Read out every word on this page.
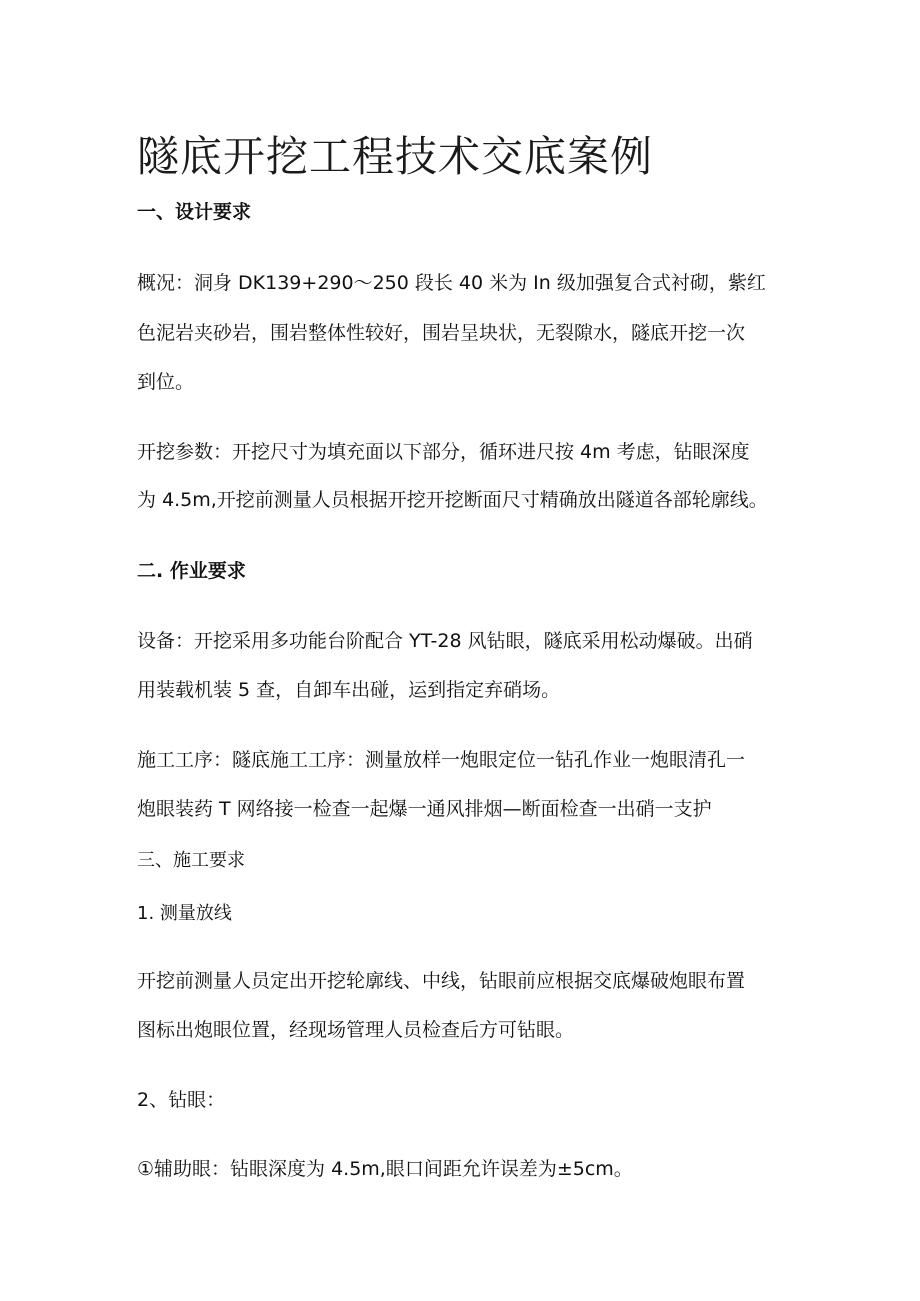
隧底开挖工程技术交底案例
一、设计要求
概况：洞身 DK139+290～250 段长 40 米为 In 级加强复合式衬砌，紫红
色泥岩夹砂岩，围岩整体性较好，围岩呈块状，无裂隙水，隧底开挖一次
到位。
开挖参数：开挖尺寸为填充面以下部分，循环进尺按 4m 考虑，钻眼深度
为 4.5m,开挖前测量人员根据开挖开挖断面尺寸精确放出隧道各部轮廓线。
二. 作业要求
设备：开挖采用多功能台阶配合 YT-28 风钻眼，隧底采用松动爆破。出硝
用装载机装 5 查，自卸车出碰，运到指定弃硝场。
施工工序：隧底施工工序：测量放样一炮眼定位一钻孔作业一炮眼清孔一
炮眼装药 T 网络接一检查一起爆一通风排烟—断面检查一出硝一支护
三、施工要求
1. 测量放线
开挖前测量人员定出开挖轮廓线、中线，钻眼前应根据交底爆破炮眼布置
图标出炮眼位置，经现场管理人员检查后方可钻眼。
2、钻眼：
①辅助眼：钻眼深度为 4.5m,眼口间距允许误差为±5cm。
